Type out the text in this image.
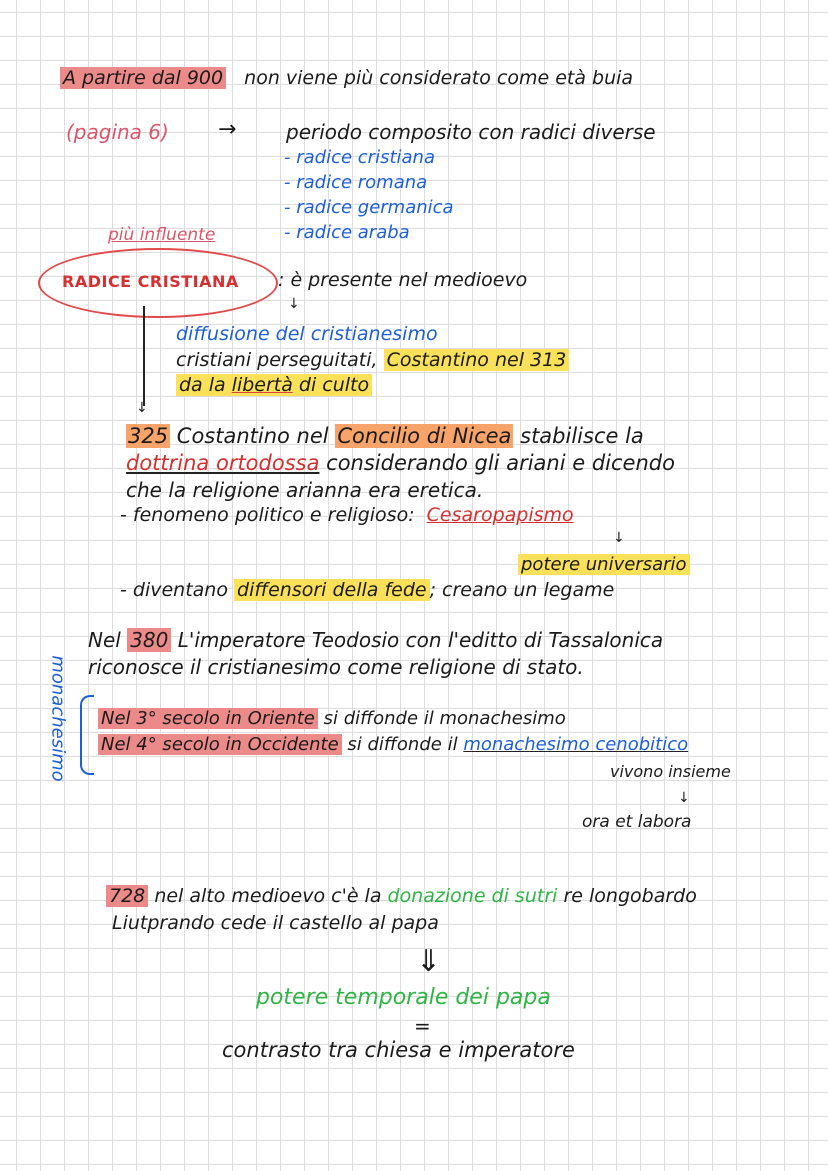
A partire dal 900 non viene più considerato come età buia
(pagina 6) → periodo composito con radici diverse
- radice cristiana
- radice romana
- radice germanica
- radice araba
più influente
RADICE CRISTIANA : è presente nel medioevo
↓
↓
diffusione del cristianesimo
cristiani perseguitati, Costantino nel 313
da la libertà di culto
325 Costantino nel Concilio di Nicea stabilisce la
dottrina ortodossa considerando gli ariani e dicendo
che la religione arianna era eretica.
- fenomeno politico e religioso: Cesaropapismo
↓
potere universario
- diventano diffensori della fede ; creano un legame
Nel 380 L'imperatore Teodosio con l'editto di Tassalonica
riconosce il cristianesimo come religione di stato.
monachesimo Nel 3° secolo in Oriente si diffonde il monachesimo
Nel 4° secolo in Occidente si diffonde il monachesimo cenobitico
vivono insieme
↓
ora et labora
728 nel alto medioevo c'è la donazione di sutri re longobardo
Liutprando cede il castello al papa
⇓
potere temporale dei papa
=
contrasto tra chiesa e imperatore
